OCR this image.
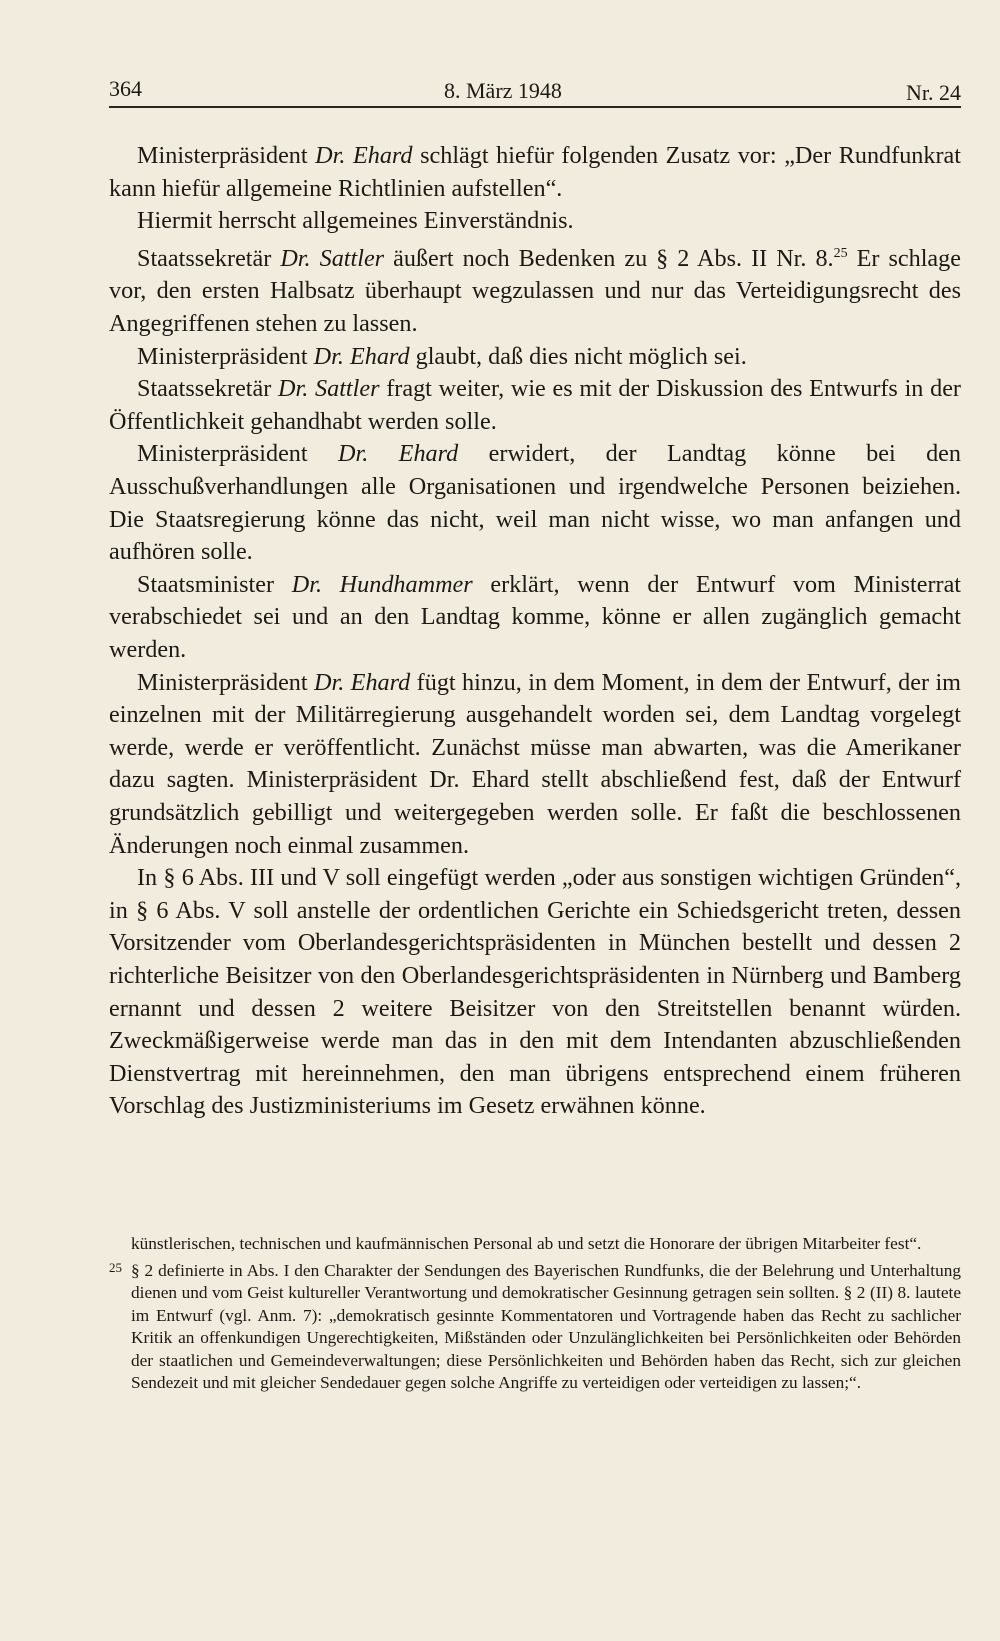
364	8. März 1948	Nr. 24

Ministerpräsident Dr. Ehard schlägt hiefür folgenden Zusatz vor: „Der Rundfunkrat kann hiefür allgemeine Richtlinien aufstellen“.

Hiermit herrscht allgemeines Einverständnis.

Staatssekretär Dr. Sattler äußert noch Bedenken zu § 2 Abs. II Nr. 8.25 Er schlage vor, den ersten Halbsatz überhaupt wegzulassen und nur das Verteidigungsrecht des Angegriffenen stehen zu lassen.

Ministerpräsident Dr. Ehard glaubt, daß dies nicht möglich sei.

Staatssekretär Dr. Sattler fragt weiter, wie es mit der Diskussion des Entwurfs in der Öffentlichkeit gehandhabt werden solle.

Ministerpräsident Dr. Ehard erwidert, der Landtag könne bei den Ausschußverhandlungen alle Organisationen und irgendwelche Personen beiziehen. Die Staatsregierung könne das nicht, weil man nicht wisse, wo man anfangen und aufhören solle.

Staatsminister Dr. Hundhammer erklärt, wenn der Entwurf vom Ministerrat verabschiedet sei und an den Landtag komme, könne er allen zugänglich gemacht werden.

Ministerpräsident Dr. Ehard fügt hinzu, in dem Moment, in dem der Entwurf, der im einzelnen mit der Militärregierung ausgehandelt worden sei, dem Landtag vorgelegt werde, werde er veröffentlicht. Zunächst müsse man abwarten, was die Amerikaner dazu sagten. Ministerpräsident Dr. Ehard stellt abschließend fest, daß der Entwurf grundsätzlich gebilligt und weitergegeben werden solle. Er faßt die beschlossenen Änderungen noch einmal zusammen.

In § 6 Abs. III und V soll eingefügt werden „oder aus sonstigen wichtigen Gründen“, in § 6 Abs. V soll anstelle der ordentlichen Gerichte ein Schiedsgericht treten, dessen Vorsitzender vom Oberlandesgerichtspräsidenten in München bestellt und dessen 2 richterliche Beisitzer von den Oberlandesgerichtspräsidenten in Nürnberg und Bamberg ernannt und dessen 2 weitere Beisitzer von den Streitstellen benannt würden. Zweckmäßigerweise werde man das in den mit dem Intendanten abzuschließenden Dienstvertrag mit hereinnehmen, den man übrigens entsprechend einem früheren Vorschlag des Justizministeriums im Gesetz erwähnen könne.

künstlerischen, technischen und kaufmännischen Personal ab und setzt die Honorare der übrigen Mitarbeiter fest“.

25 § 2 definierte in Abs. I den Charakter der Sendungen des Bayerischen Rundfunks, die der Belehrung und Unterhaltung dienen und vom Geist kultureller Verantwortung und demokratischer Gesinnung getragen sein sollten. § 2 (II) 8. lautete im Entwurf (vgl. Anm. 7): „demokratisch gesinnte Kommentatoren und Vortragende haben das Recht zu sachlicher Kritik an offenkundigen Ungerechtigkeiten, Mißständen oder Unzulänglichkeiten bei Persönlichkeiten oder Behörden der staatlichen und Gemeindeverwaltungen; diese Persönlichkeiten und Behörden haben das Recht, sich zur gleichen Sendezeit und mit gleicher Sendedauer gegen solche Angriffe zu verteidigen oder verteidigen zu lassen;“.
